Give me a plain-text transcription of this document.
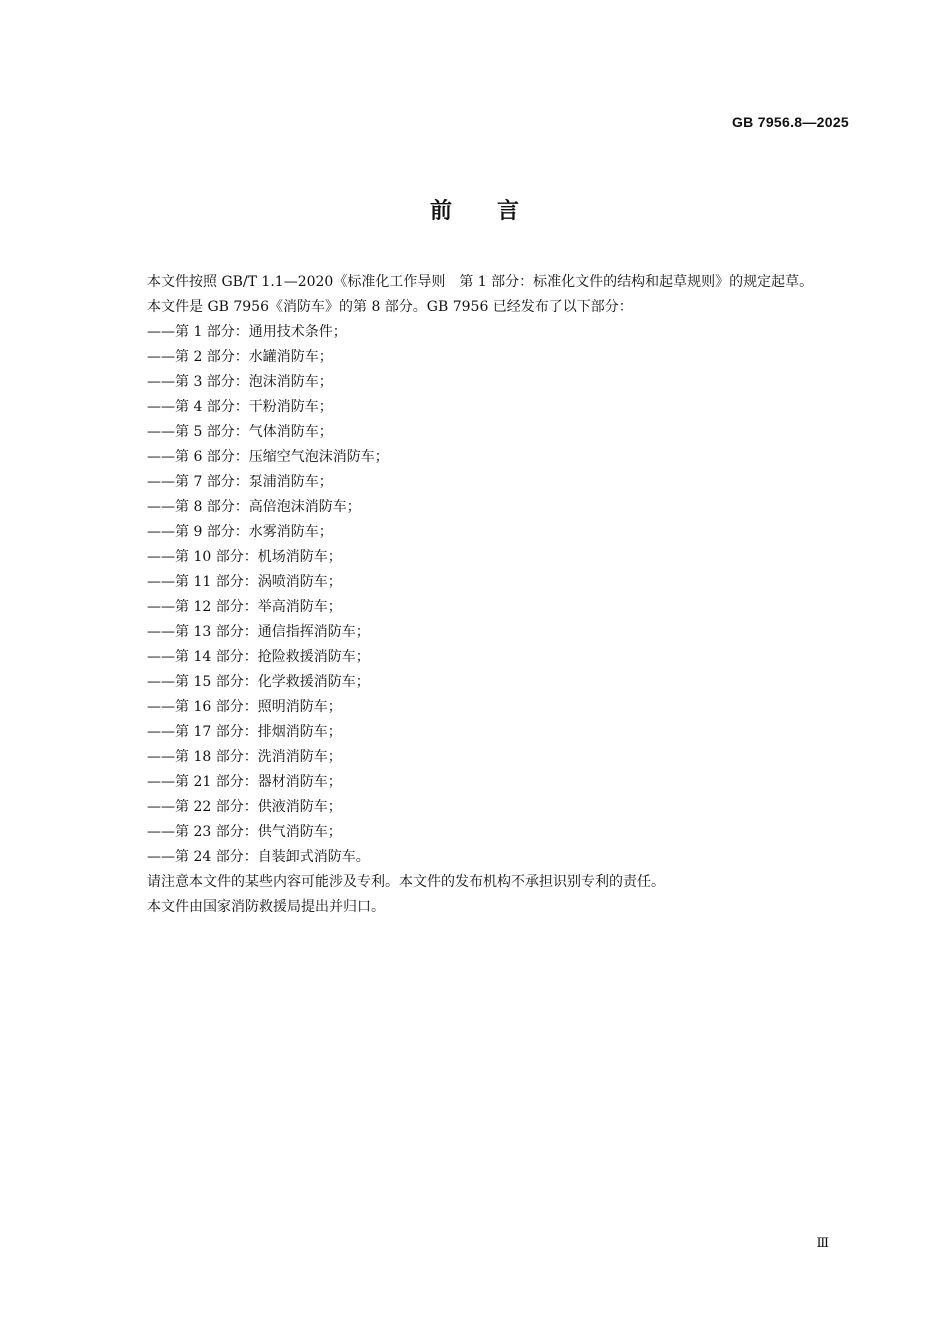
GB 7956.8—2025
前 言

本文件按照 GB/T 1.1—2020《标准化工作导则　第 1 部分：标准化文件的结构和起草规则》的规定起草。

本文件是 GB 7956《消防车》的第 8 部分。GB 7956 已经发布了以下部分：

——第 1 部分：通用技术条件；
——第 2 部分：水罐消防车；
——第 3 部分：泡沫消防车；
——第 4 部分：干粉消防车；
——第 5 部分：气体消防车；
——第 6 部分：压缩空气泡沫消防车；
——第 7 部分：泵浦消防车；
——第 8 部分：高倍泡沫消防车；
——第 9 部分：水雾消防车；
——第 10 部分：机场消防车；
——第 11 部分：涡喷消防车；
——第 12 部分：举高消防车；
——第 13 部分：通信指挥消防车；
——第 14 部分：抢险救援消防车；
——第 15 部分：化学救援消防车；
——第 16 部分：照明消防车；
——第 17 部分：排烟消防车；
——第 18 部分：洗消消防车；
——第 21 部分：器材消防车；
——第 22 部分：供液消防车；
——第 23 部分：供气消防车；
——第 24 部分：自装卸式消防车。

请注意本文件的某些内容可能涉及专利。本文件的发布机构不承担识别专利的责任。

本文件由国家消防救援局提出并归口。

Ⅲ
